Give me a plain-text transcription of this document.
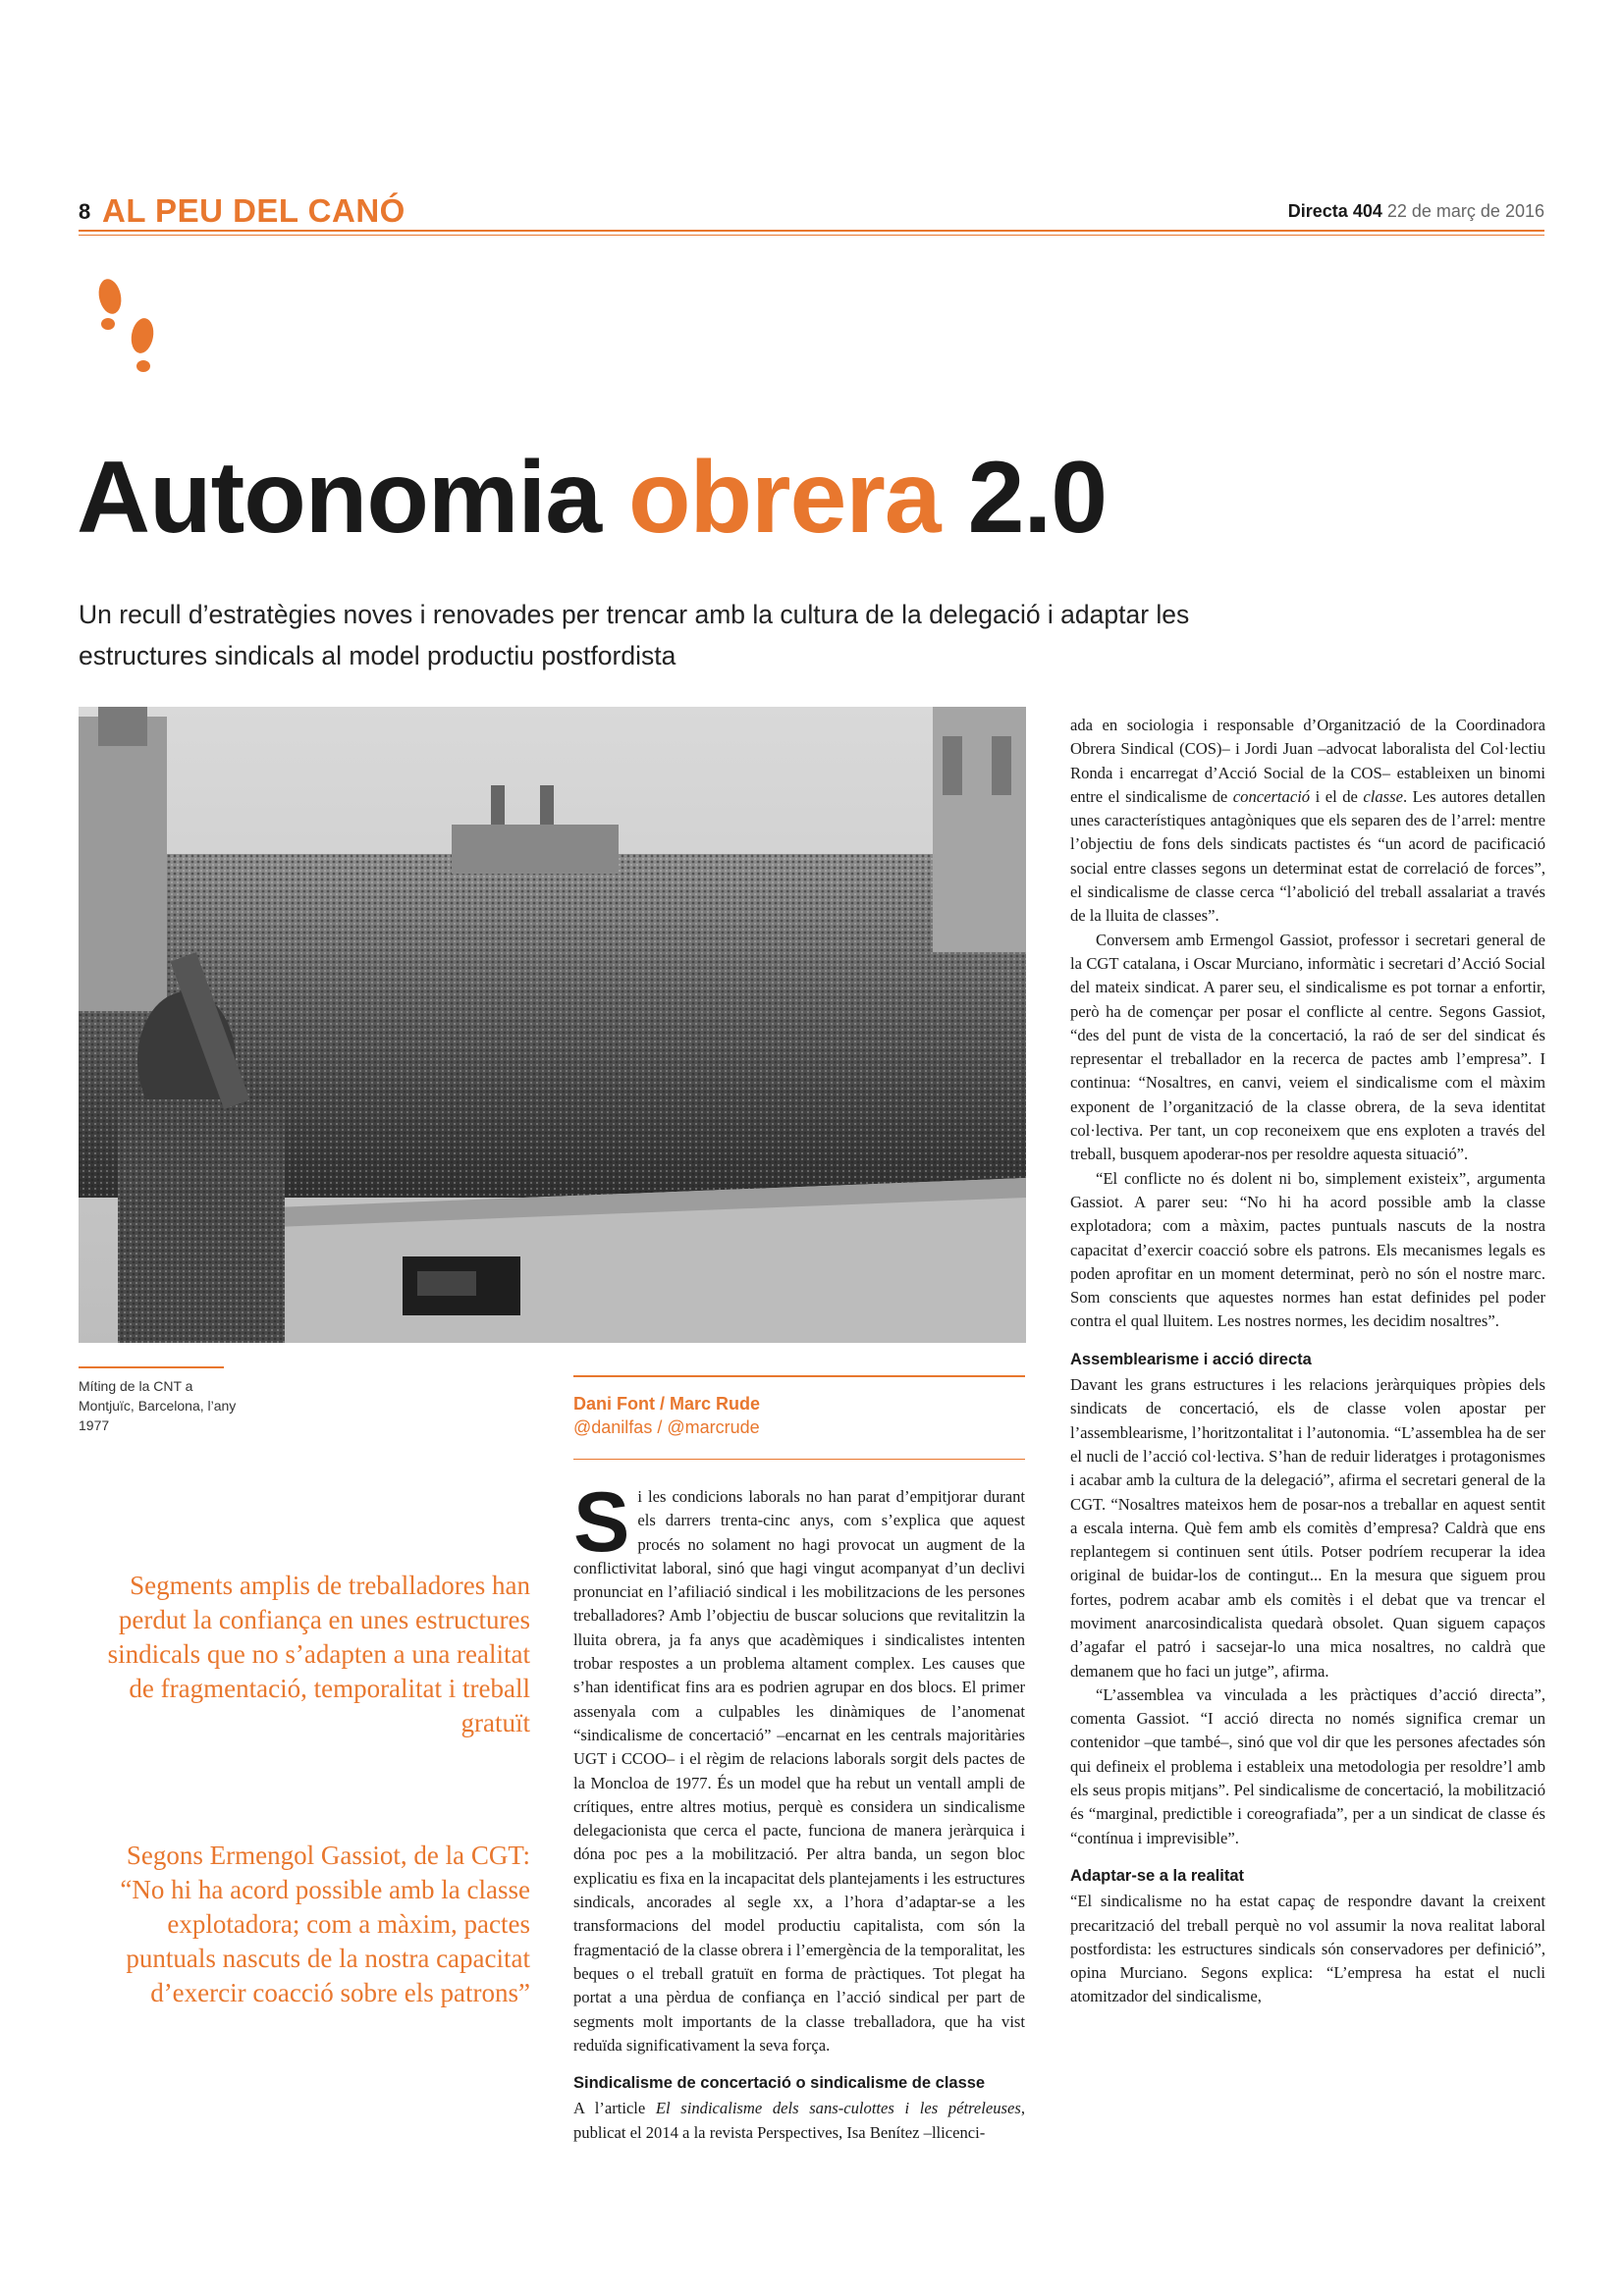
8 AL PEU DEL CANÓ	Directa 404 22 de març de 2016
Autonomia obrera 2.0
Un recull d’estratègies noves i renovades per trencar amb la cultura de la delegació i adaptar les estructures sindicals al model productiu postfordista
Míting de la CNT a Montjuïc, Barcelona, l’any 1977
Dani Font / Marc Rude
@danilfas / @marcrude
Segments amplis de treballadores han perdut la confiança en unes estructures sindicals que no s’adapten a una realitat de fragmentació, temporalitat i treball gratuït
Segons Ermengol Gassiot, de la CGT: “No hi ha acord possible amb la classe explotadora; com a màxim, pactes puntuals nascuts de la nostra capacitat d’exercir coacció sobre els patrons”

Si les condicions laborals no han parat d’empitjorar durant els darrers trenta-cinc anys, com s’explica que aquest procés no solament no hagi provocat un augment de la conflictivitat laboral, sinó que hagi vingut acompanyat d’un declivi pronunciat en l’afiliació sindical i les mobilitzacions de les persones treballadores? Amb l’objectiu de buscar solucions que revitalitzin la lluita obrera, ja fa anys que acadèmiques i sindicalistes intenten trobar respostes a un problema altament complex. Les causes que s’han identificat fins ara es podrien agrupar en dos blocs. El primer assenyala com a culpables les dinàmiques de l’anomenat “sindicalisme de concertació” –encarnat en les centrals majoritàries UGT i CCOO– i el règim de relacions laborals sorgit dels pactes de la Moncloa de 1977. És un model que ha rebut un ventall ampli de crítiques, entre altres motius, perquè es considera un sindicalisme delegacionista que cerca el pacte, funciona de manera jeràrquica i dóna poc pes a la mobilització. Per altra banda, un segon bloc explicatiu es fixa en la incapacitat dels plantejaments i les estructures sindicals, ancorades al segle xx, a l’hora d’adaptar-se a les transformacions del model productiu capitalista, com són la fragmentació de la classe obrera i l’emergència de la temporalitat, les beques o el treball gratuït en forma de pràctiques. Tot plegat ha portat a una pèrdua de confiança en l’acció sindical per part de segments molt importants de la classe treballadora, que ha vist reduïda significativament la seva força.

Sindicalisme de concertació o sindicalisme de classe

A l’article El sindicalisme dels sans-culottes i les pétreleuses, publicat el 2014 a la revista Perspectives, Isa Benítez –llicenci-

ada en sociologia i responsable d’Organització de la Coordinadora Obrera Sindical (COS)– i Jordi Juan –advocat laboralista del Col·lectiu Ronda i encarregat d’Acció Social de la COS– estableixen un binomi entre el sindicalisme de concertació i el de classe. Les autores detallen unes característiques antagòniques que els separen des de l’arrel: mentre l’objectiu de fons dels sindicats pactistes és “un acord de pacificació social entre classes segons un determinat estat de correlació de forces”, el sindicalisme de classe cerca “l’abolició del treball assalariat a través de la lluita de classes”.

Conversem amb Ermengol Gassiot, professor i secretari general de la CGT catalana, i Oscar Murciano, informàtic i secretari d’Acció Social del mateix sindicat. A parer seu, el sindicalisme es pot tornar a enfortir, però ha de començar per posar el conflicte al centre. Segons Gassiot, “des del punt de vista de la concertació, la raó de ser del sindicat és representar el treballador en la recerca de pactes amb l’empresa”. I continua: “Nosaltres, en canvi, veiem el sindicalisme com el màxim exponent de l’organització de la classe obrera, de la seva identitat col·lectiva. Per tant, un cop reconeixem que ens exploten a través del treball, busquem apoderar-nos per resoldre aquesta situació”.

“El conflicte no és dolent ni bo, simplement existeix”, argumenta Gassiot. A parer seu: “No hi ha acord possible amb la classe explotadora; com a màxim, pactes puntuals nascuts de la nostra capacitat d’exercir coacció sobre els patrons. Els mecanismes legals es poden aprofitar en un moment determinat, però no són el nostre marc. Som conscients que aquestes normes han estat definides pel poder contra el qual lluitem. Les nostres normes, les decidim nosaltres”.

Assemblearisme i acció directa

Davant les grans estructures i les relacions jeràrquiques pròpies dels sindicats de concertació, els de classe volen apostar per l’assemblearisme, l’horitzontalitat i l’autonomia. “L’assemblea ha de ser el nucli de l’acció col·lectiva. S’han de reduir lideratges i protagonismes i acabar amb la cultura de la delegació”, afirma el secretari general de la CGT. “Nosaltres mateixos hem de posar-nos a treballar en aquest sentit a escala interna. Què fem amb els comitès d’empresa? Caldrà que ens replantegem si continuen sent útils. Potser podríem recuperar la idea original de buidar-los de contingut... En la mesura que siguem prou fortes, podrem acabar amb els comitès i el debat que va trencar el moviment anarcosindicalista quedarà obsolet. Quan siguem capaços d’agafar el patró i sacsejar-lo una mica nosaltres, no caldrà que demanem que ho faci un jutge”, afirma.

“L’assemblea va vinculada a les pràctiques d’acció directa”, comenta Gassiot. “I acció directa no només significa cremar un contenidor –que també–, sinó que vol dir que les persones afectades són qui defineix el problema i estableix una metodologia per resoldre’l amb els seus propis mitjans”. Pel sindicalisme de concertació, la mobilització és “marginal, predictible i coreografiada”, per a un sindicat de classe és “contínua i imprevisible”.

Adaptar-se a la realitat

“El sindicalisme no ha estat capaç de respondre davant la creixent precarització del treball perquè no vol assumir la nova realitat laboral postfordista: les estructures sindicals són conservadores per definició”, opina Murciano. Segons explica: “L’empresa ha estat el nucli atomitzador del sindicalisme,
